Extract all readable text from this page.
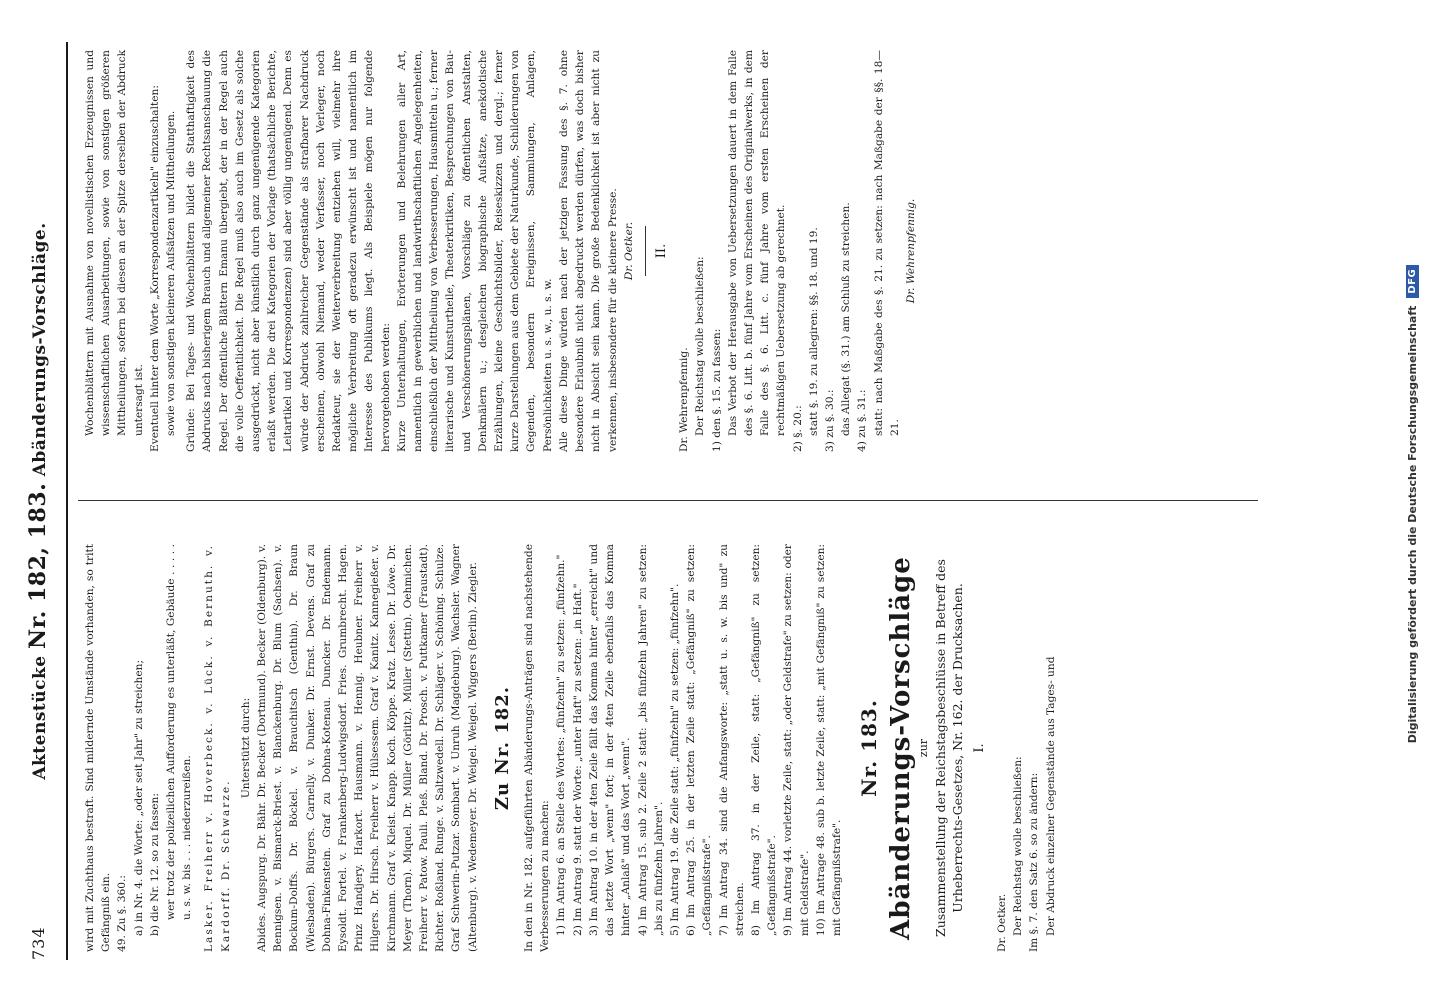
734
Aktenstücke Nr. 182, 183. Abänderungs-Vorschläge.

wird mit Zuchthaus bestraft. Sind mildernde Umstände vorhanden, so tritt Gefängniß ein. 49. Zu §. 360.: a) in Nr. 4. die Worte: „oder seit Jahr" zu streichen; b) die Nr. 12. so zu fassen: wer trotz der polizeilichen Aufforderung es unterläßt, Gebäude . . . . . u. s. w. bis . . . niederzureißen. Lasker. Freiherr v. Hoverbeck. v. Lück. v. Bernuth. v. Kardorff. Dr. Schwarze.

Unterstützt durch: Abides. Augspurg. Dr. Bähr. Dr. Becker (Dortmund). Becker (Oldenburg). v. Bennigsen. v. Bismarck-Briest. v. Blanckenburg. Dr. Blum (Sachsen). v. Bockum-Dolffs. Dr. Böckel. v. Brauchitsch (Genthin). Dr. Braun (Wiesbaden). Bürgers. Carnelly. v. Dunker. Dr. Ernst. Devens. Graf zu Dohna-Finkenstein. Graf zu Dohna-Kotenau. Duncker. Dr. Endemann. Eysoldt. Fortel. v. Frankenberg-Ludwigsdorf. Fries. Grumbrecht. Hagen. Prinz Handjery. Harkort. Hausmann. v. Hennig. Heubner. Freiherr v. Hilgers. Dr. Hirsch. Freiherr v. Hülsessem. Graf v. Kanitz. Kannegießer. v. Kirchmann. Graf v. Kleist. Knapp. Koch. Köppe. Kratz. Lesse. Dr. Löwe. Dr. Meyer (Thorn). Miquel. Dr. Müller (Görlitz). Müller (Stettin). Oehmichen. Freiherr v. Patow. Pauli. Pleß. Bland. Dr. Prosch. v. Puttkamer (Fraustadt). Richter. Roßland. Runge. v. Saltzwedell. Dr. Schläger. v. Schöning. Schulze. Graf Schwerin-Putzar. Sombart. v. Unruh (Magdeburg). Wachsler. Wagner (Altenburg). v. Wedemeyer. Dr. Weigel. Weigel. Wiggers (Berlin). Ziegler. Zu Nr. 182. In den in Nr. 182. aufgeführten Abänderungs-Anträgen sind nachstehende Verbesserungen zu machen: 1) Im Antrag 6. an Stelle des Wortes: „fünfzehn" zu setzen: „fünfzehn." 2) Im Antrag 9. statt der Worte: „unter Haft" zu setzen: „in Haft." 3) Im Antrag 10. in der 4ten Zeile fällt das Komma hinter „erreicht" und das letzte Wort „wenn" fort; in der 4ten Zeile ebenfalls das Komma hinter „Anlaß" und das Wort „wenn". 4) Im Antrag 15. sub 2. Zeile 2 statt: „bis fünfzehn Jahren" zu setzen: „bis zu fünfzehn Jahren". 5) Im Antrag 19. die Zeile statt: „fünfzehn" zu setzen: „fünfzehn". 6) Im Antrag 25. in der letzten Zeile statt: „Gefängniß" zu setzen: „Gefängnißstrafe". 7) Im Antrag 34. sind die Anfangsworte: „statt u. s. w. bis und" zu streichen. 8) Im Antrag 37. in der Zeile, statt: „Gefängniß" zu setzen: „Gefängnißstrafe". 9) Im Antrag 44. vorletzte Zeile, statt: „oder Geldstrafe" zu setzen: oder mit Geldstrafe". 10) Im Antrage 48. sub b. letzte Zeile, statt: „mit Gefängniß" zu setzen: mit Gefängnißstrafe".

Nr. 183. Abänderungs-Vorschläge zur Zusammenstellung der Reichstagsbeschlüsse in Betreff des Urheberrechts-Gesetzes, Nr. 162. der Drucksachen. I.

Dr. Oetker. Der Reichstag wolle beschließen: Im §. 7. den Satz 6. so zu ändern: Der Abdruck einzelner Gegenstände aus Tages- und

Wochenblättern mit Ausnahme von novellistischen Erzeugnissen und wissenschaftlichen Ausarbeitungen, sowie von sonstigen größeren Mittheilungen, sofern bei diesen an der Spitze derselben der Abdruck untersagt ist. Eventuell hinter dem Worte „Korrespondenzartikeln" einzuschalten: sowie von sonstigen kleineren Aufsätzen und Mittheilungen. Gründe: Bei Tages- und Wochenblättern bildet die Statthaftigkeit des Abdrucks nach bisherigem Brauch und allgemeiner Rechtsanschauung die Regel. Der öffentliche Blättern Emanu übergiebt, der in der Regel auch die volle Oeffentlichkeit. Die Regel muß also auch im Gesetz als solche ausgedrückt, nicht aber künstlich durch ganz ungenügende Kategorien erlaßt werden. Die drei Kategorien der Vorlage (thatsächliche Berichte, Leitartikel und Korrespondenzen) sind aber völlig ungenügend. Denn es würde der Abdruck zahlreicher Gegenstände als strafbarer Nachdruck erscheinen, obwohl Niemand, weder Verfasser, noch Verleger, noch Redakteur, sie der Weiterverbreitung entziehen will, vielmehr ihre mögliche Verbreitung oft geradezu erwünscht ist und namentlich im Interesse des Publikums liegt. Als Beispiele mögen nur folgende hervorgehoben werden: Kurze Unterhaltungen, Erörterungen und Belehrungen aller Art, namentlich in gewerblichen und landwirthschaftlichen Angelegenheiten, einschließlich der Mittheilung von Verbesserungen, Hausmitteln u.; ferner literarische und Kunsturtheile, Theaterkritiken, Besprechungen von Bau- und Verschönerungsplänen, Vorschläge zu öffentlichen Anstalten, Denkmälern u.; desgleichen biographische Aufsätze, anekdotische Erzählungen, kleine Geschichtsbilder, Reiseskizzen und dergl.; ferner kurze Darstellungen aus dem Gebiete der Naturkunde, Schilderungen von Gegenden, besondern Ereignissen, Sammlungen, Anlagen, Persönlichkeiten u. s. w., u. s. w. Alle diese Dinge würden nach der jetzigen Fassung des §. 7. ohne besondere Erlaubniß nicht abgedruckt werden dürfen, was doch bisher nicht in Absicht sein kann. Die große Bedenklichkeit ist aber nicht zu verkennen, insbesondere für die kleinere Presse. Dr. Oetker. II.

Dr. Wehrenpfennig. Der Reichstag wolle beschließen: 1) den §. 15. zu fassen: Das Verbot der Herausgabe von Uebersetzungen dauert in dem Falle des §. 6. Litt. b. fünf Jahre vom Erscheinen des Originalwerks, in dem Falle des §. 6. Litt. c. fünf Jahre vom ersten Erscheinen der rechtmäßigen Uebersetzung ab gerechnet. 2) §. 20.: statt §. 19. zu allegiren: §§. 18. und 19. 3) zu §. 30.: das Allegat (§. 31.) am Schluß zu streichen. 4) zu §. 31.: statt: nach Maßgabe des §. 21. zu setzen: nach Maßgabe der §§. 18—21.

Dr. Wehrenpfennig.

Digitalisierung gefördert durch die Deutsche Forschungsgemeinschaft
DFG
